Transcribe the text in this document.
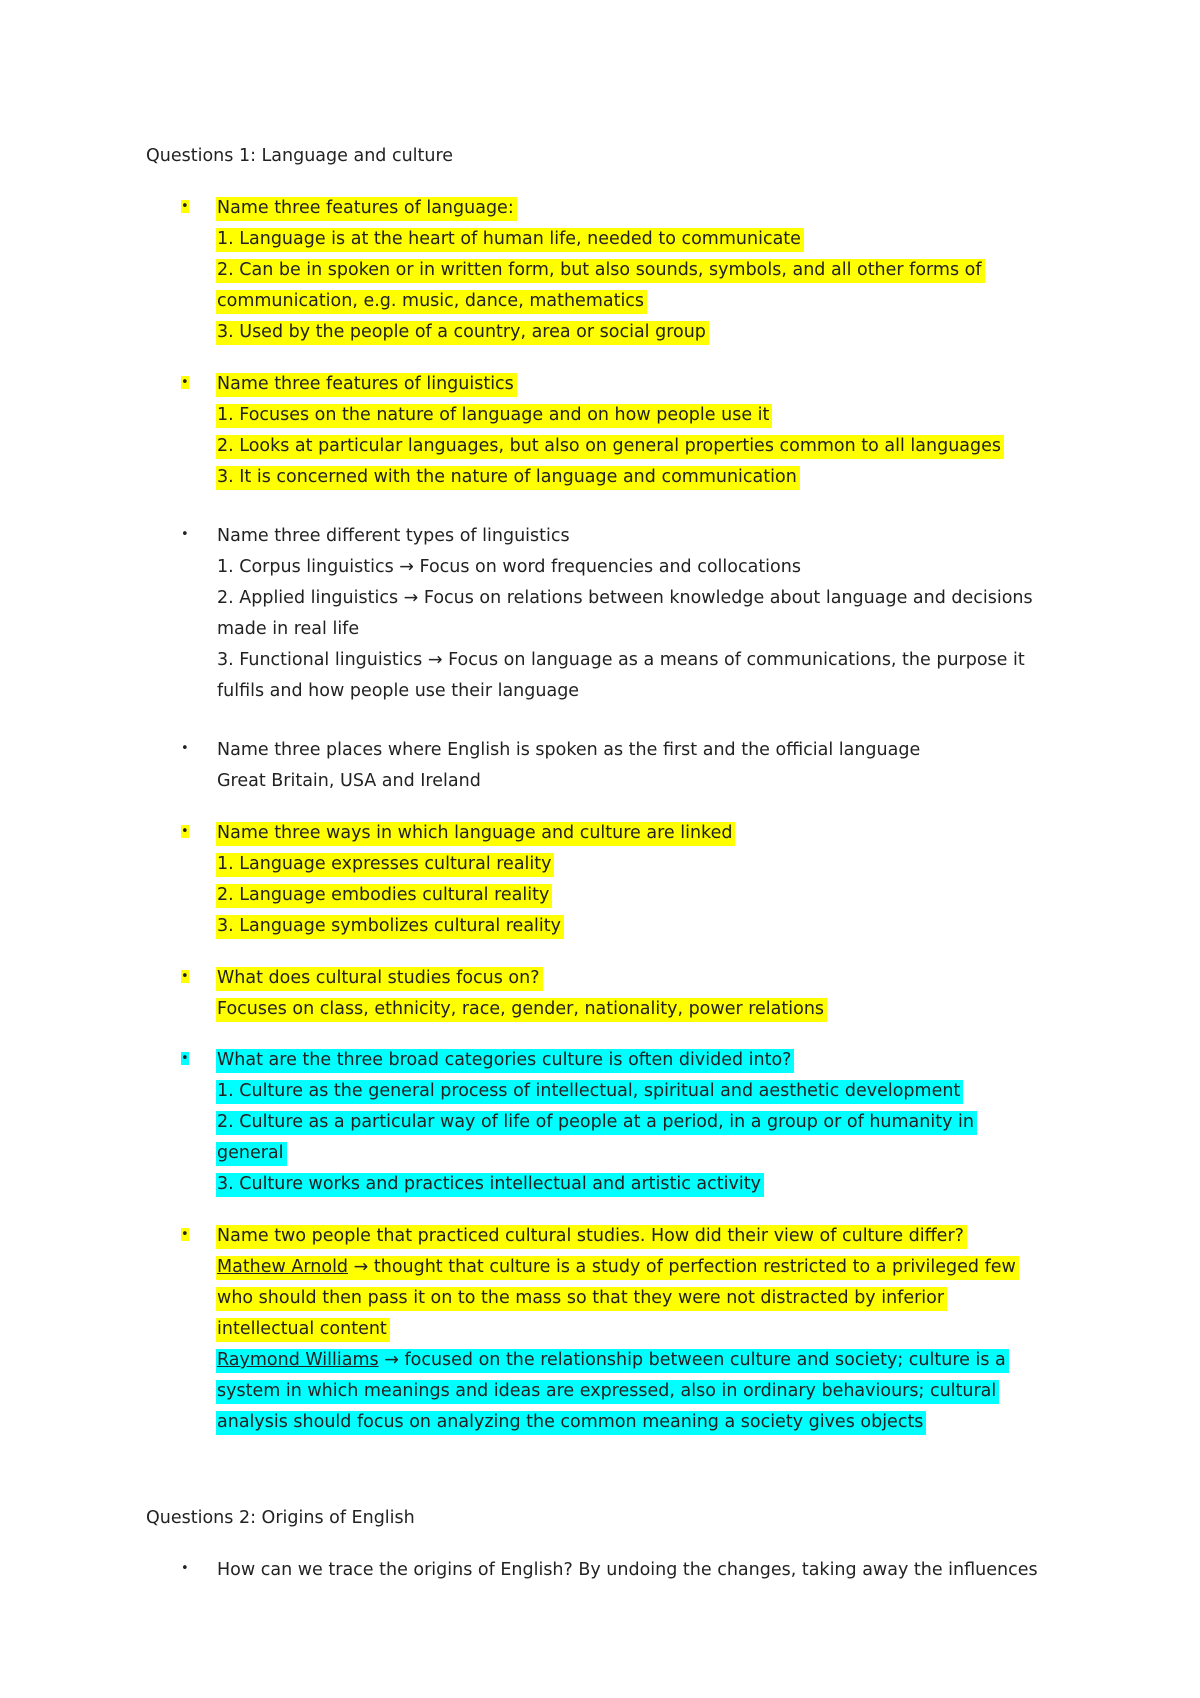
Questions 1: Language and culture
• Name three features of language:
1. Language is at the heart of human life, needed to communicate
2. Can be in spoken or in written form, but also sounds, symbols, and all other forms of
communication, e.g. music, dance, mathematics
3. Used by the people of a country, area or social group
• Name three features of linguistics
1. Focuses on the nature of language and on how people use it
2. Looks at particular languages, but also on general properties common to all languages
3. It is concerned with the nature of language and communication
• Name three different types of linguistics
1. Corpus linguistics → Focus on word frequencies and collocations
2. Applied linguistics → Focus on relations between knowledge about language and decisions
made in real life
3. Functional linguistics → Focus on language as a means of communications, the purpose it
fulfils and how people use their language
• Name three places where English is spoken as the first and the official language
Great Britain, USA and Ireland
• Name three ways in which language and culture are linked
1. Language expresses cultural reality
2. Language embodies cultural reality
3. Language symbolizes cultural reality
• What does cultural studies focus on?
Focuses on class, ethnicity, race, gender, nationality, power relations
• What are the three broad categories culture is often divided into?
1. Culture as the general process of intellectual, spiritual and aesthetic development
2. Culture as a particular way of life of people at a period, in a group or of humanity in
general
3. Culture works and practices intellectual and artistic activity
• Name two people that practiced cultural studies. How did their view of culture differ?
Mathew Arnold → thought that culture is a study of perfection restricted to a privileged few
who should then pass it on to the mass so that they were not distracted by inferior
intellectual content
Raymond Williams → focused on the relationship between culture and society; culture is a
system in which meanings and ideas are expressed, also in ordinary behaviours; cultural
analysis should focus on analyzing the common meaning a society gives objects
Questions 2: Origins of English
• How can we trace the origins of English? By undoing the changes, taking away the influences
